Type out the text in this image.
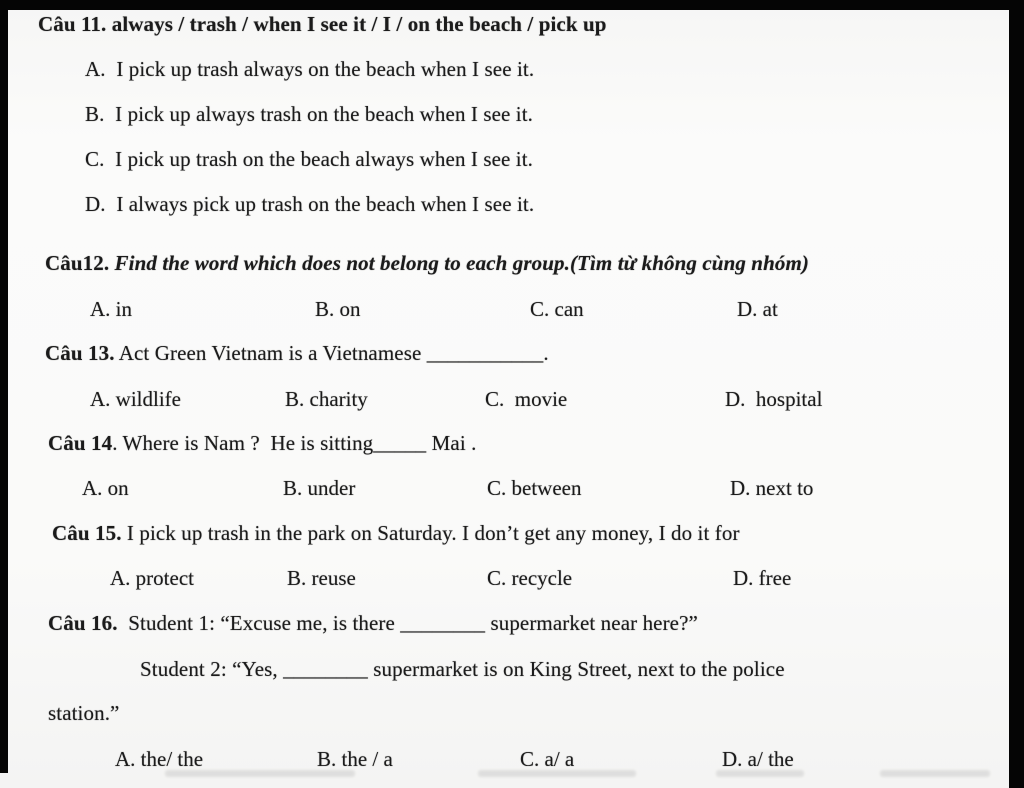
Câu 11. always / trash / when I see it / I / on the beach / pick up
A.  I pick up trash always on the beach when I see it.
B.  I pick up always trash on the beach when I see it.
C.  I pick up trash on the beach always when I see it.
D.  I always pick up trash on the beach when I see it.
Câu12. Find the word which does not belong to each group.(Tìm từ không cùng nhóm)
A. in	B. on	C. can	D. at
Câu 13. Act Green Vietnam is a Vietnamese ___________.
A. wildlife	B. charity	C.  movie	D.  hospital
Câu 14. Where is Nam ?  He is sitting_____ Mai .
A. on	B. under	C. between	D. next to
Câu 15. I pick up trash in the park on Saturday. I don’t get any money, I do it for
A. protect	B. reuse	C. recycle	D. free
Câu 16.  Student 1: “Excuse me, is there ________ supermarket near here?”
Student 2: “Yes, ________ supermarket is on King Street, next to the police
station.”
A. the/ the	B. the / a	C. a/ a	D. a/ the
